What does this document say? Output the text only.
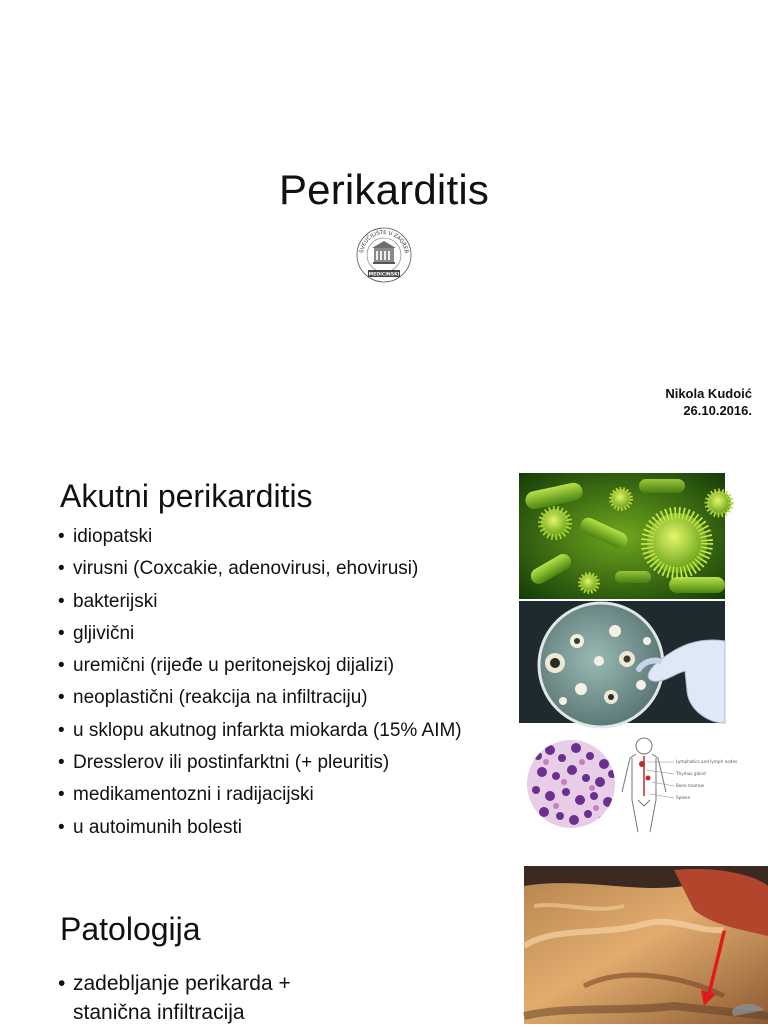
Perikarditis
SVEUČILIŠTE U ZAGREB
MEDICINSKI
Nikola Kudoić
26.10.2016.
Akutni perikarditis
• idiopatski
• virusni (Coxcakie, adenovirusi, ehovirusi)
• bakterijski
• gljivični
• uremični (rijeđe u peritonejskoj dijalizi)
• neoplastični (reakcija na infiltraciju)
• u sklopu akutnog infarkta miokarda (15% AIM)
• Dresslerov ili postinfarktni (+ pleuritis)
• medikamentozni i radijacijski
• u autoimunih bolesti
Lymphatics and lymph nodes
Thymus gland
Bone marrow
Spleen
Patologija
• zadebljanje perikarda +
stanična infiltracija
